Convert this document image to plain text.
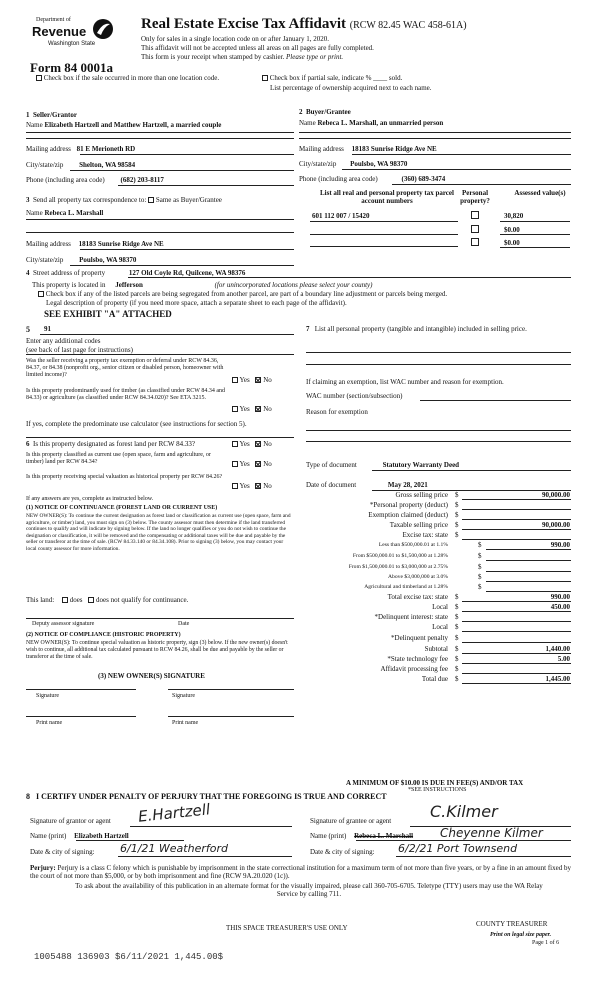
Department of
Revenue
Washington State
Real Estate Excise Tax Affidavit (RCW 82.45 WAC 458-61A)
Only for sales in a single location code on or after January 1, 2020.
This affidavit will not be accepted unless all areas on all pages are fully completed.
This form is your receipt when stamped by cashier. Please type or print.
Form 84 0001a
Check box if the sale occurred in more than one location code.	Check box if partial sale, indicate % ____ sold.
List percentage of ownership acquired next to each name.
1 Seller/Grantor
Name Elizabeth Hartzell and Matthew Hartzell, a married couple
Mailing address 81 E Merioneth RD
City/state/zip Shelton, WA 98584
Phone (including area code) (682) 203-8117
2 Buyer/Grantee
Name Rebeca L. Marshall, an unmarried person
Mailing address 18183 Sunrise Ridge Ave NE
City/state/zip Poulsbo, WA 98370
Phone (including area code)	(360) 689-3474
3 Send all property tax correspondence to: Same as Buyer/Grantee
Name Rebeca L. Marshall
Mailing address 18183 Sunrise Ridge Ave NE
City/state/zip Poulsbo, WA 98370
List all real and personal property tax parcel account numbers
Personal property?
Assessed value(s)
601 112 007 / 15420	30,820
$0.00
$0.00
4 Street address of property	127 Old Coyle Rd, Quilcene, WA 98376
This property is located in Jefferson	(for unincorporated locations please select your county)
Check box if any of the listed parcels are being segregated from another parcel, are part of a boundary line adjustment or parcels being merged.
Legal description of property (if you need more space, attach a separate sheet to each page of the affidavit).
SEE EXHIBIT "A" ATTACHED
5 91
Enter any additional codes
(see back of last page for instructions)
Was the seller receiving a property tax exemption or deferral under RCW 84.36, 84.37, or 84.38 (nonprofit org., senior citizen or disabled person, homeowner with limited income)?
Yes No
Is this property predominantly used for timber (as classified under RCW 84.34 and 84.33) or agriculture (as classified under RCW 84.34.020)? See ETA 3215.
Yes No
If yes, complete the predominate use calculator (see instructions for section 5).
6 Is this property designated as forest land per RCW 84.33?	Yes No
Is this property classified as current use (open space, farm and agriculture, or timber) land per RCW 84.34?	Yes No
Is this property receiving special valuation as historical property per RCW 84.26?
Yes No
If any answers are yes, complete as instructed below.
(1) NOTICE OF CONTINUANCE (FOREST LAND OR CURRENT USE)
NEW OWNER(S): To continue the current designation as forest land or classification as current use (open space, farm and agriculture, or timber) land, you must sign on (3) below. The county assessor must then determine if the land transferred continues to qualify and will indicate by signing below. If the land no longer qualifies or you do not wish to continue the designation or classification, it will be removed and the compensating or additional taxes will be due and payable by the seller or transferor at the time of sale. (RCW 84.33.140 or 84.34.108). Prior to signing (3) below, you may contact your local county assessor for more information.
This land: does does not qualify for continuance.
Deputy assessor signature	Date
(2) NOTICE OF COMPLIANCE (HISTORIC PROPERTY)
NEW OWNER(S): To continue special valuation as historic property, sign (3) below. If the new owner(s) doesn't wish to continue, all additional tax calculated pursuant to RCW 84.26, shall be due and payable by the seller or transferor at the time of sale.
(3) NEW OWNER(S) SIGNATURE
Signature	Signature
Print name	Print name
7 List all personal property (tangible and intangible) included in selling price.
If claiming an exemption, list WAC number and reason for exemption.
WAC number (section/subsection)
Reason for exemption
Type of document	Statutory Warranty Deed
Date of document	May 28, 2021
Gross selling price $	90,000.00
*Personal property (deduct) $
Exemption claimed (deduct) $
Taxable selling price $	90,000.00
Excise tax: state $
Less than $500,000.01 at 1.1%	$	990.00
From $500,000.01 to $1,500,000 at 1.28%	$
From $1,500,000.01 to $3,000,000 at 2.75%	$
Above $3,000,000 at 3.0%	$
Agricultural and timberland at 1.28%	$
Total excise tax: state $	990.00
Local $	450.00
*Delinquent interest: state $
Local $
*Delinquent penalty $
Subtotal $	1,440.00
*State technology fee $	5.00
Affidavit processing fee $
Total due $	1,445.00
A MINIMUM OF $10.00 IS DUE IN FEE(S) AND/OR TAX
*SEE INSTRUCTIONS
8 I CERTIFY UNDER PENALTY OF PERJURY THAT THE FOREGOING IS TRUE AND CORRECT
Signature of grantor or agent E.Hartzell
Name (print) Elizabeth Hartzell
Date & city of signing: 6/1/21 Weatherford
Signature of grantee or agent C.Kilmer
Name (print) Rebeca L. Marshall Cheyenne Kilmer
Date & city of signing: 6/2/21 Port Townsend
Perjury: Perjury is a class C felony which is punishable by imprisonment in the state correctional institution for a maximum term of not more than five years, or by a fine in an amount fixed by the court of not more than $5,000, or by both imprisonment and fine (RCW 9A.20.020 (1c)).
To ask about the availability of this publication in an alternate format for the visually impaired, please call 360-705-6705. Teletype (TTY) users may use the WA Relay Service by calling 711.
THIS SPACE TREASURER'S USE ONLY	COUNTY TREASURER
Print on legal size paper.
Page 1 of 6
1005488 136903 $6/11/2021 1,445.00$
